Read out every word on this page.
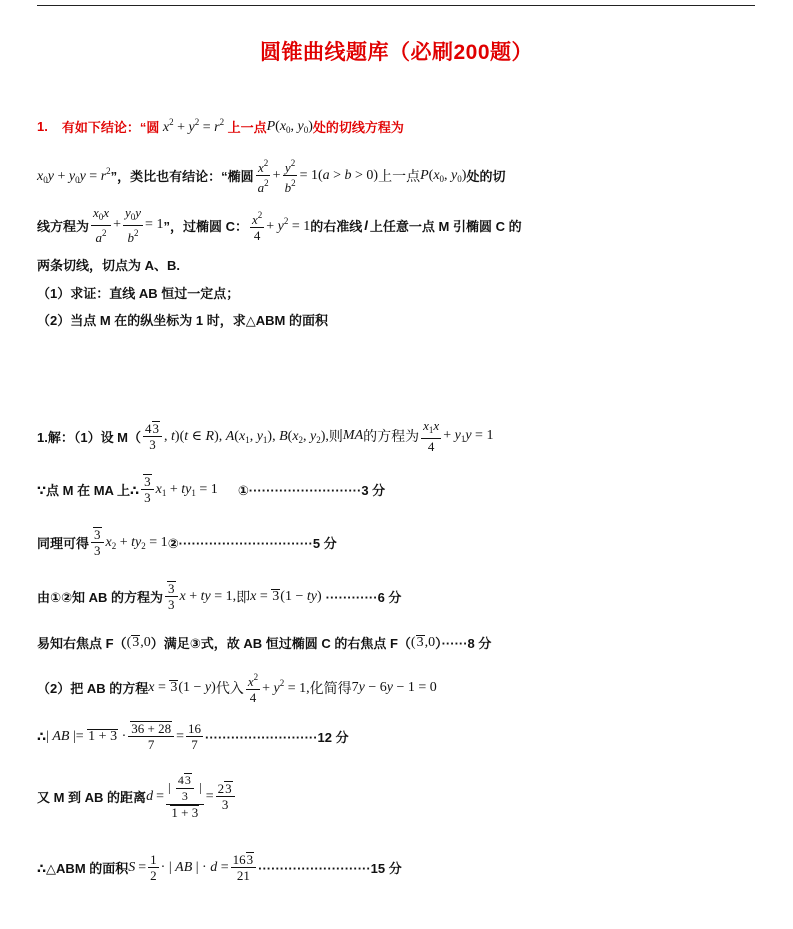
圆锥曲线题库（必刷200题）
1. 有如下结论：“圆 $x^2 + y^2 = r^2$ 上一点 $P(x_0$, $y_0$) 处的切线方程为
$x_0y + y_0y = r^2$ ”，类比也有结论：“椭圆 $\frac{x^2}{a^2} + \frac{y^2}{b^2} = 1(a > b > 0)$ 上一点 $P(x_0$, $y_0$) 处的切
线方程为 $\frac{x_0x}{a^2} + \frac{y_0y}{b^2} = 1$ ”，过椭圆 C： $\frac{x^2}{4} + y^2 = 1$ 的右准线 l 上任意一点 M 引椭圆 C 的
两条切线，切点为 A、B.
（1）求证：直线 AB 恒过一定点；
（2）当点 M 在的纵坐标为 1 时，求△ABM 的面积
1.解：（1）设 $M( \frac{43}{3}$ , t)(t ∈ R), $A(x_1$, $y_1$), $B(x_2$, $y_2$), 则 MA 的方程为 $\frac{x_1x}{4} + y_1y = 1$
∵点 M 在 MA 上∴ $\frac{3}{3} x_1 + ty_1 = 1$ ①··························3 分
同理可得 $\frac{3}{3} x_2 + ty_2 = 1$ ②·······························5 分
由①②知 AB 的方程为 $\frac{3}{3}$ x + ty = 1, 即 x = 3(1 − ty) ············6 分
易知右焦点 F（ (3,0 ）满足③式，故 AB 恒过椭圆 C 的右焦点 F（ (3,0 ）······8 分
（2）把 AB 的方程 x = 3(1 − y) 代入 $\frac{x^2}{4} + y^2 = 1$, 化简得 7y − 6y − 1 = 0
∴ | AB |= $1 + 3 \cdot \frac{36 + 28}{7} = \frac{16}{7} \cdot\cdot\cdot\cdot\cdot\cdot\cdot\cdot\cdot\cdot\cdot\cdot\cdot\cdot\cdot\cdot\cdot\cdot\cdot\cdot\cdot\cdot\cdot\cdot\cdot\cdot 12$ 分
又 M 到 AB 的距离 $d = \frac{| \frac{43}{3} |}{1 + 3} = \frac{23}{3}$
∴△ABM 的面积 $S = \frac{1}{2}$ · | AB | · $d = \frac{163}{21} \cdot\cdot\cdot\cdot\cdot\cdot\cdot\cdot\cdot\cdot\cdot\cdot\cdot\cdot\cdot\cdot\cdot\cdot\cdot\cdot\cdot\cdot\cdot\cdot\cdot\cdot 15$ 分
